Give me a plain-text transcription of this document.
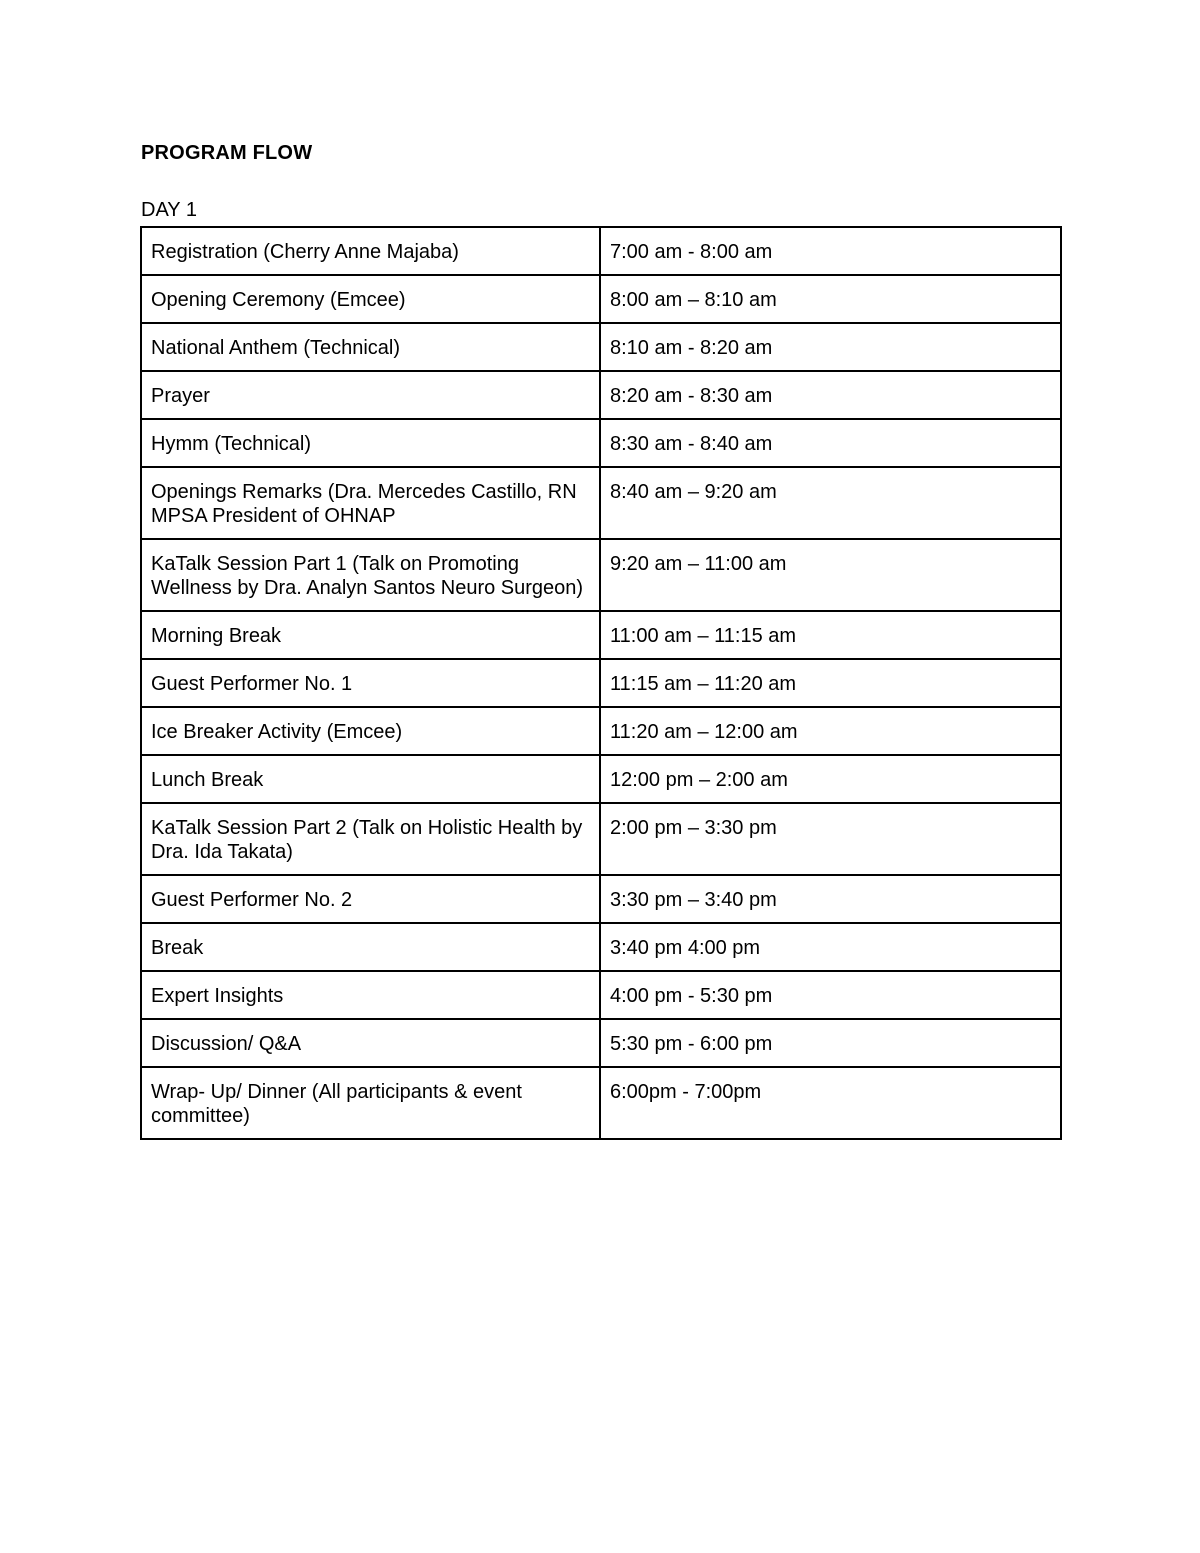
PROGRAM FLOW

DAY 1

Registration (Cherry Anne Majaba)	7:00 am - 8:00 am
Opening Ceremony (Emcee)	8:00 am – 8:10 am
National Anthem (Technical)	8:10 am - 8:20 am
Prayer	8:20 am - 8:30 am
Hymm (Technical)	8:30 am - 8:40 am
Openings Remarks (Dra. Mercedes Castillo, RN MPSA President of OHNAP	8:40 am – 9:20 am
KaTalk Session Part 1 (Talk on Promoting Wellness by Dra. Analyn Santos Neuro Surgeon)	9:20 am – 11:00 am
Morning Break	11:00 am – 11:15 am
Guest Performer No. 1	11:15 am – 11:20 am
Ice Breaker Activity (Emcee)	11:20 am – 12:00 am
Lunch Break	12:00 pm – 2:00 am
KaTalk Session Part 2 (Talk on Holistic Health by Dra. Ida Takata)	2:00 pm – 3:30 pm
Guest Performer No. 2	3:30 pm – 3:40 pm
Break	3:40 pm 4:00 pm
Expert Insights	4:00 pm - 5:30 pm
Discussion/ Q&A	5:30 pm - 6:00 pm
Wrap- Up/ Dinner (All participants & event committee)	6:00pm - 7:00pm
